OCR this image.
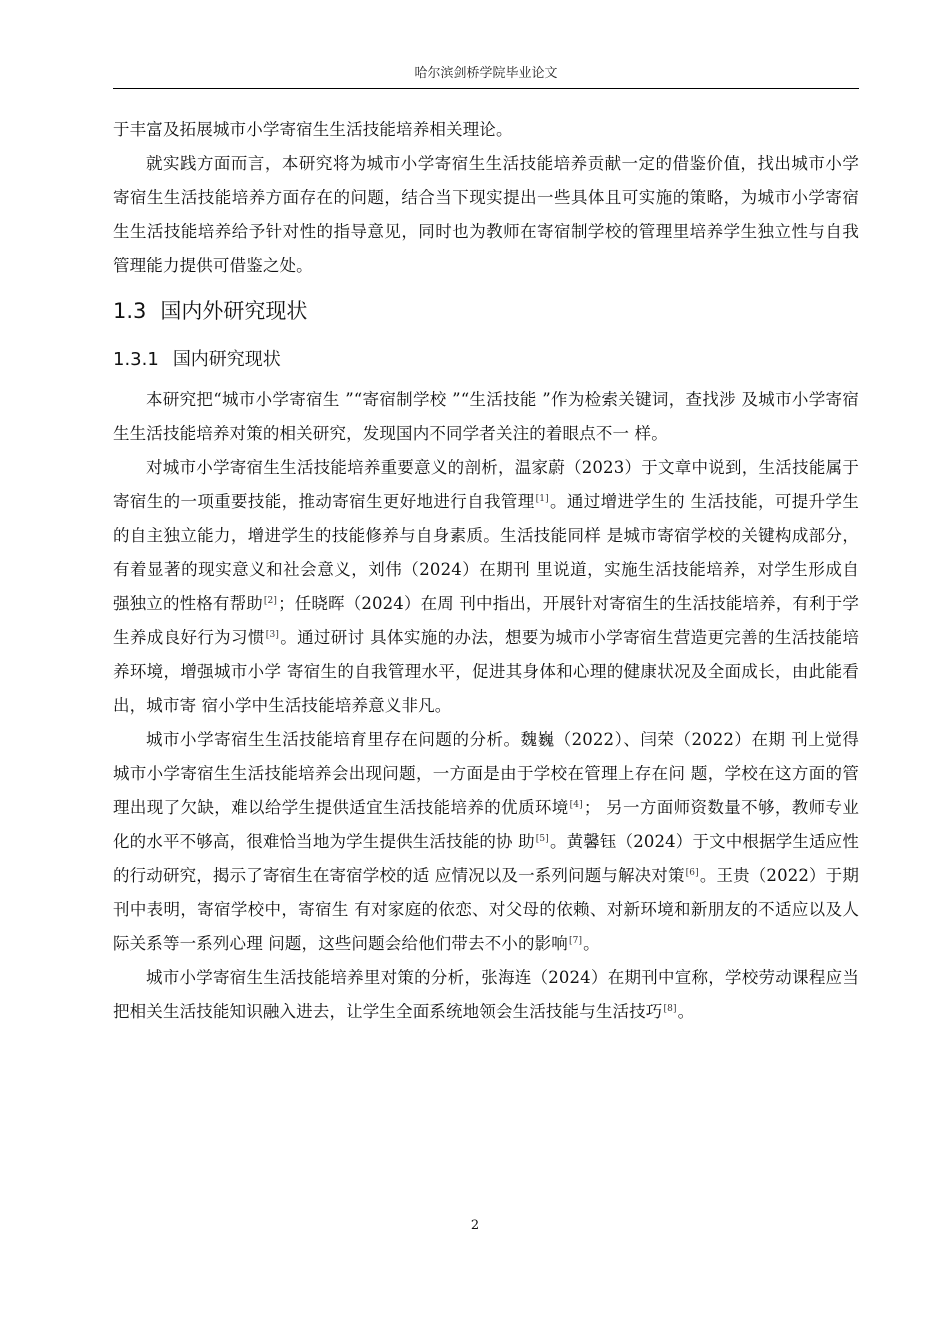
哈尔滨剑桥学院毕业论文

于丰富及拓展城市小学寄宿生生活技能培养相关理论。

就实践方面而言，本研究将为城市小学寄宿生生活技能培养贡献一定的借鉴价值，找出城市小学寄宿生生活技能培养方面存在的问题，结合当下现实提出一些具体且可实施的策略，为城市小学寄宿生生活技能培养给予针对性的指导意见，同时也为教师在寄宿制学校的管理里培养学生独立性与自我管理能力提供可借鉴之处。

1.3 国内外研究现状
1.3.1 国内研究现状

本研究把“城市小学寄宿生 ”“寄宿制学校 ”“生活技能 ”作为检索关键词，查找涉 及城市小学寄宿生生活技能培养对策的相关研究，发现国内不同学者关注的着眼点不一 样。

对城市小学寄宿生生活技能培养重要意义的剖析，温家蔚（2023）于文章中说到，生活技能属于寄宿生的一项重要技能，推动寄宿生更好地进行自我管理[1]。通过增进学生的 生活技能，可提升学生的自主独立能力，增进学生的技能修养与自身素质。生活技能同样 是城市寄宿学校的关键构成部分，有着显著的现实意义和社会意义，刘伟（2024）在期刊 里说道，实施生活技能培养，对学生形成自强独立的性格有帮助[2]；任晓晖（2024）在周 刊中指出，开展针对寄宿生的生活技能培养，有利于学生养成良好行为习惯[3]。通过研讨 具体实施的办法，想要为城市小学寄宿生营造更完善的生活技能培养环境，增强城市小学 寄宿生的自我管理水平，促进其身体和心理的健康状况及全面成长，由此能看出，城市寄 宿小学中生活技能培养意义非凡。

城市小学寄宿生生活技能培育里存在问题的分析。魏巍（2022）、闫荣（2022）在期 刊上觉得城市小学寄宿生生活技能培养会出现问题，一方面是由于学校在管理上存在问 题，学校在这方面的管理出现了欠缺，难以给学生提供适宜生活技能培养的优质环境[4]； 另一方面师资数量不够，教师专业化的水平不够高，很难恰当地为学生提供生活技能的协 助[5]。黄馨钰（2024）于文中根据学生适应性的行动研究，揭示了寄宿生在寄宿学校的适 应情况以及一系列问题与解决对策[6]。王贵（2022）于期刊中表明，寄宿学校中，寄宿生 有对家庭的依恋、对父母的依赖、对新环境和新朋友的不适应以及人际关系等一系列心理 问题，这些问题会给他们带去不小的影响[7]。

城市小学寄宿生生活技能培养里对策的分析，张海连（2024）在期刊中宣称，学校劳动课程应当把相关生活技能知识融入进去，让学生全面系统地领会生活技能与生活技巧[8]。

2
